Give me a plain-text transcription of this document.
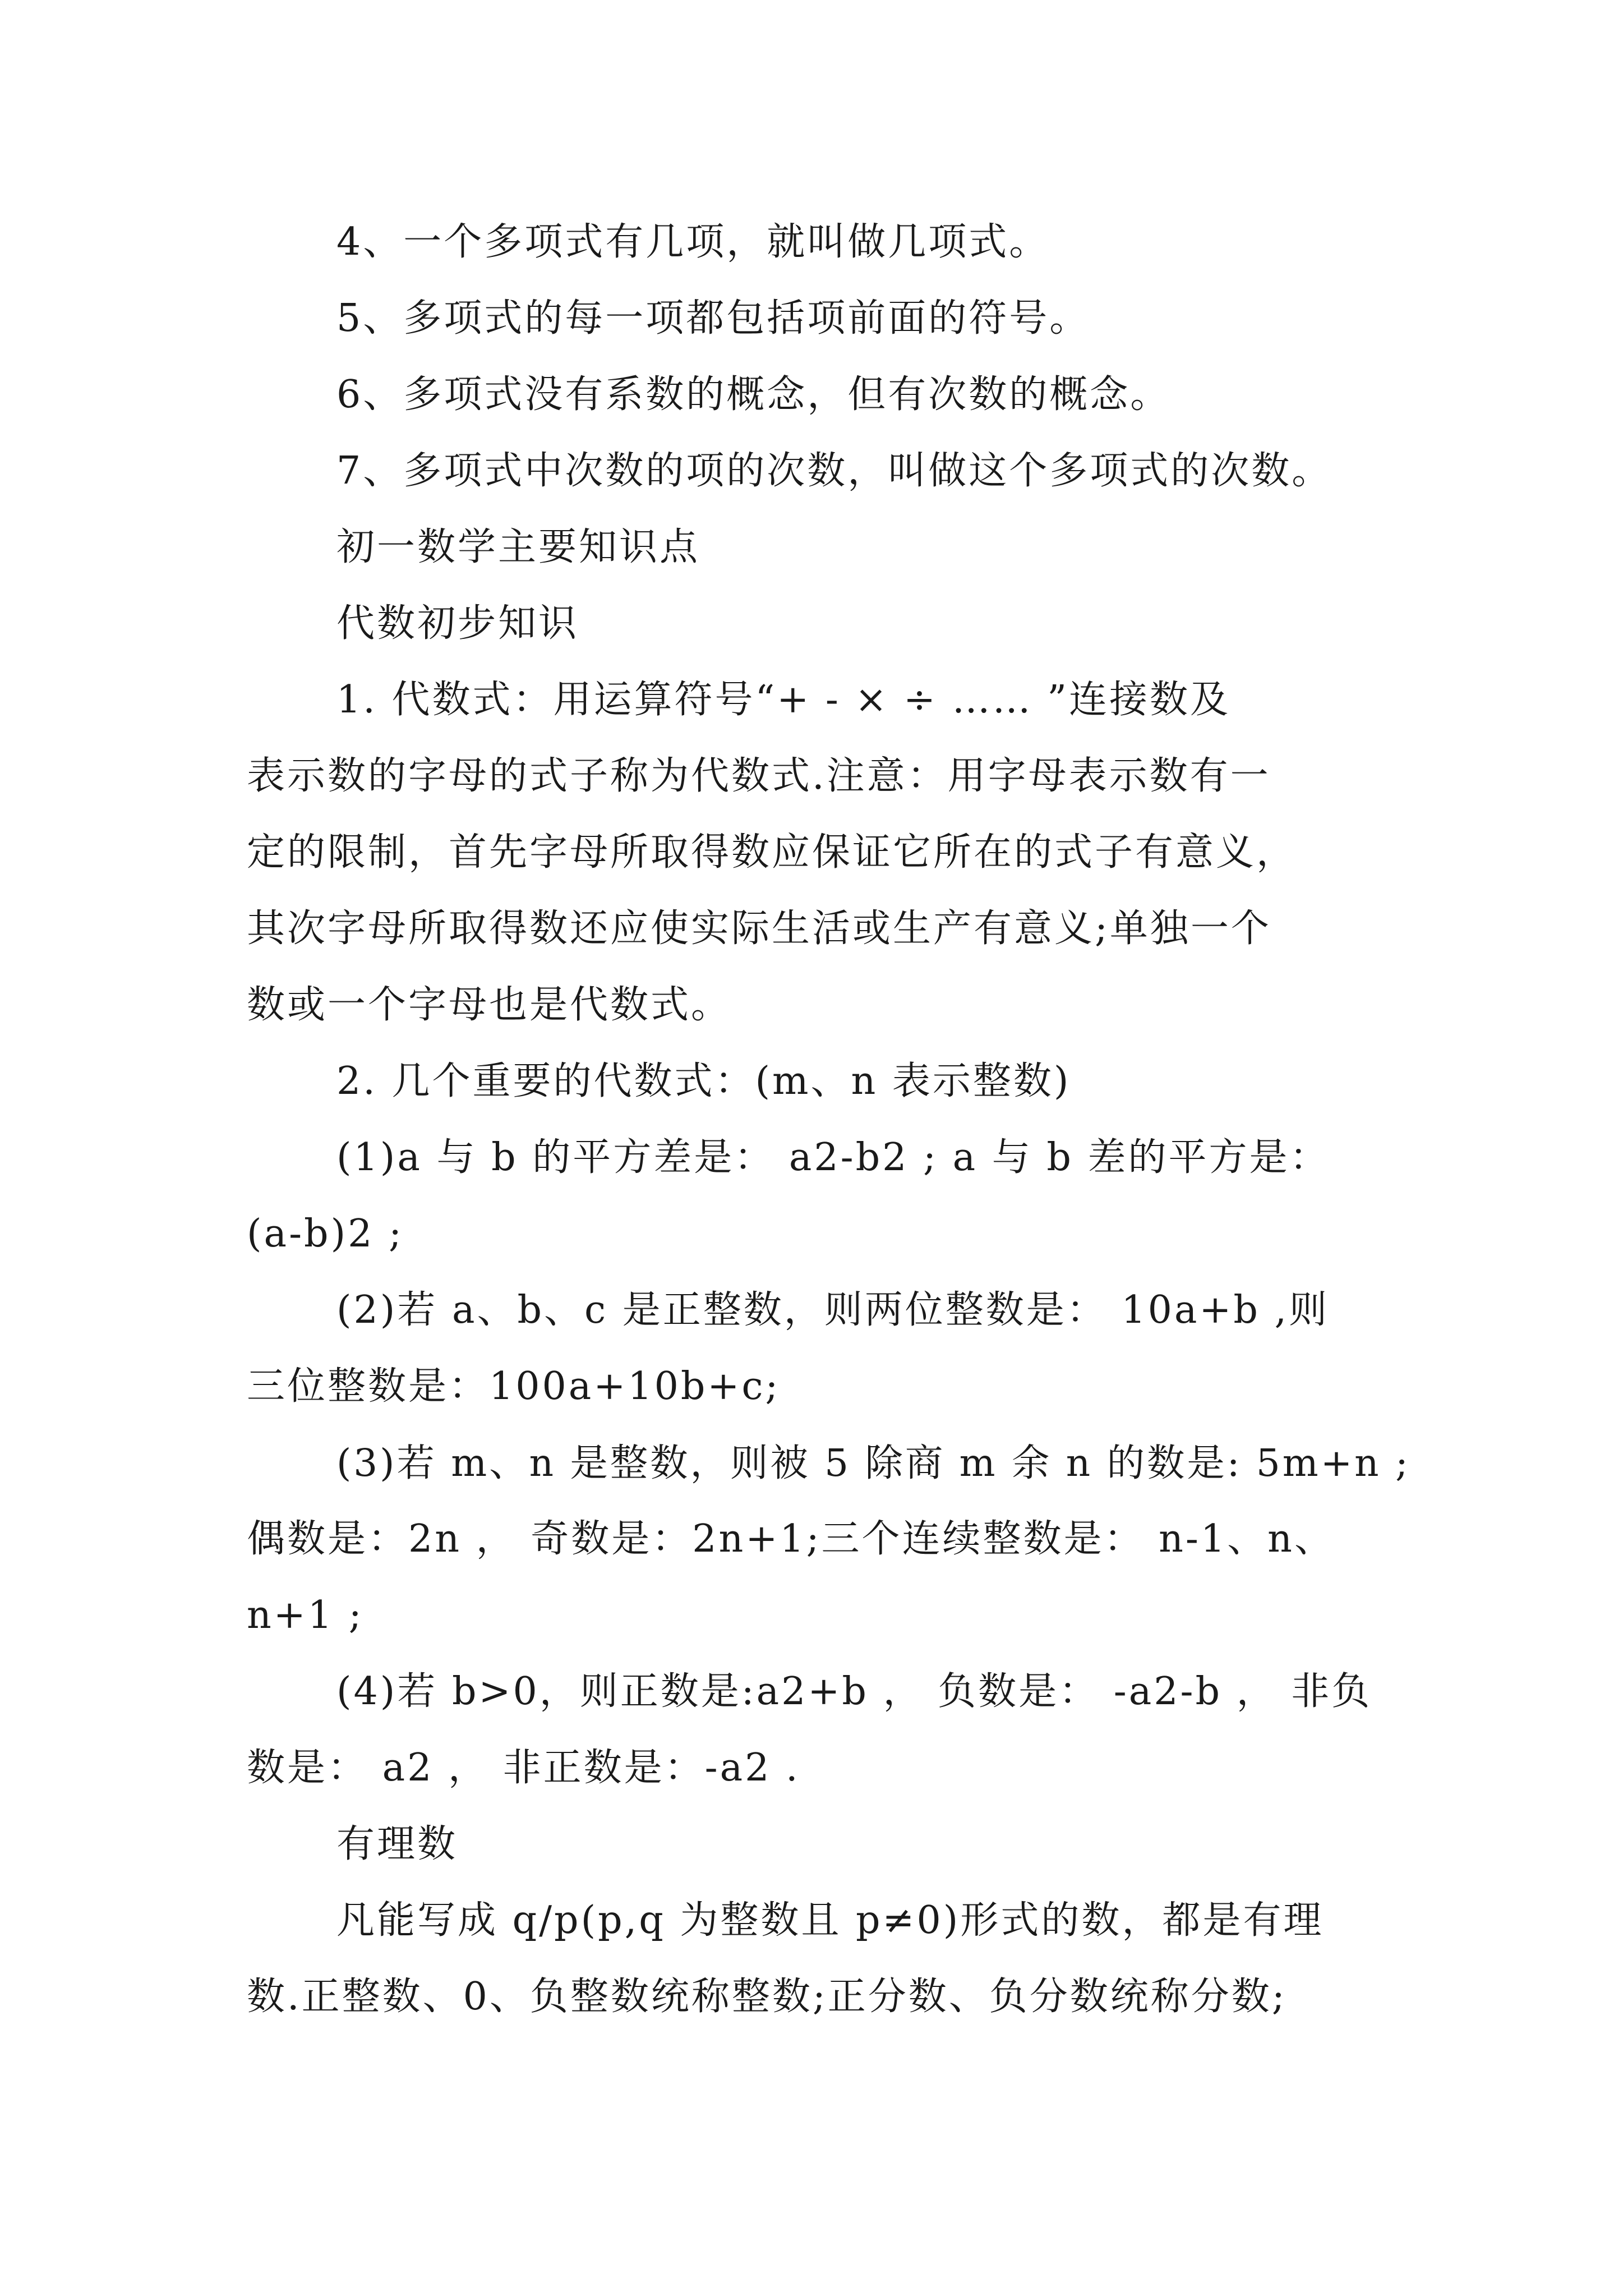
4、一个多项式有几项，就叫做几项式。
5、多项式的每一项都包括项前面的符号。
6、多项式没有系数的概念，但有次数的概念。
7、多项式中次数的项的次数，叫做这个多项式的次数。
初一数学主要知识点
代数初步知识
1. 代数式：用运算符号“+ - × ÷ …… ”连接数及
表示数的字母的式子称为代数式.注意：用字母表示数有一
定的限制，首先字母所取得数应保证它所在的式子有意义，
其次字母所取得数还应使实际生活或生产有意义;单独一个
数或一个字母也是代数式。
2. 几个重要的代数式：(m、n 表示整数)
(1)a 与 b 的平方差是： a2-b2 ; a 与 b 差的平方是：
(a-b)2 ;
(2)若 a、b、c 是正整数，则两位整数是： 10a+b ,则
三位整数是：100a+10b+c;
(3)若 m、n 是整数，则被 5 除商 m 余 n 的数是: 5m+n ;
偶数是：2n ， 奇数是：2n+1;三个连续整数是： n-1、n、
n+1 ;
(4)若 b>0，则正数是:a2+b ， 负数是： -a2-b ， 非负
数是： a2 ， 非正数是：-a2 .
有理数
凡能写成 q/p(p,q 为整数且 p≠0)形式的数，都是有理
数.正整数、0、负整数统称整数;正分数、负分数统称分数;
